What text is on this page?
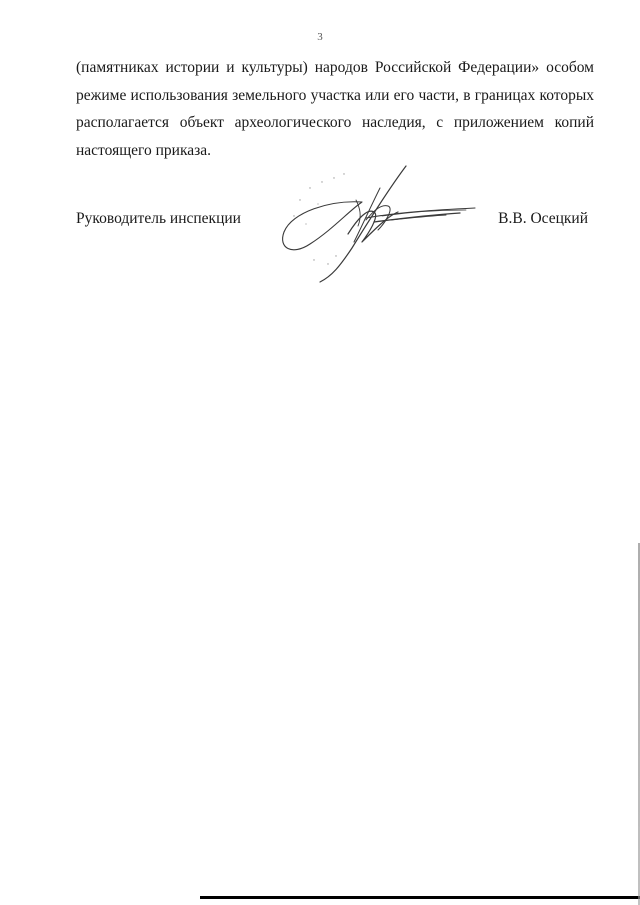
3
(памятниках истории и культуры) народов Российской Федерации» особом
режиме использования земельного участка или его части, в границах которых
располагается объект археологического наследия, с приложением копий
настоящего приказа.
Руководитель инспекции	В.В. Осецкий
